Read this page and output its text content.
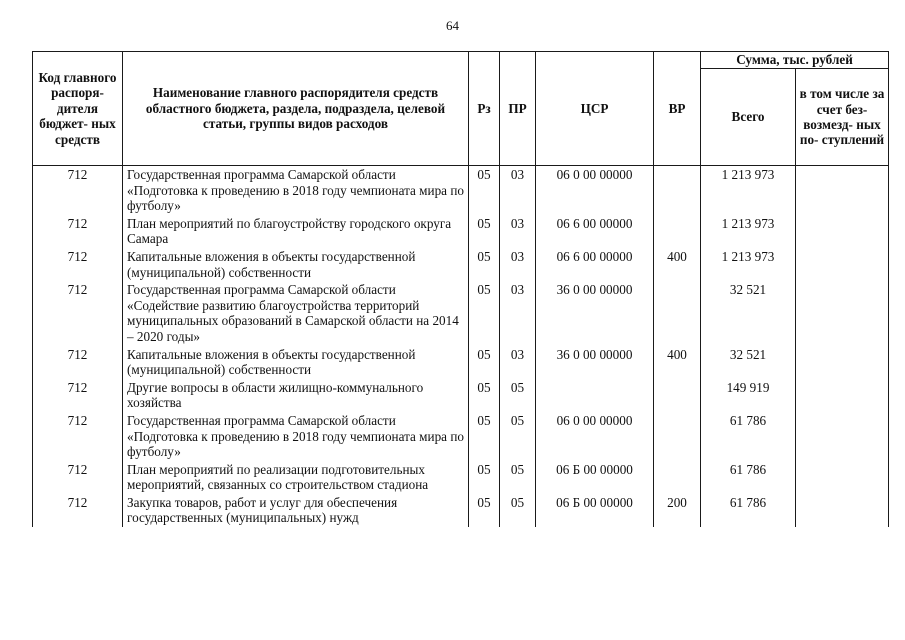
64
Код главного распоря- дителя бюджет- ных средств	Наименование главного распорядителя средств областного бюджета, раздела, подраздела, целевой статьи, группы видов расходов	Рз	ПР	ЦСР	ВР	Сумма, тыс. рублей	
						Всего	в том числе за счет без- возмезд- ных по- ступлений
712	Государственная программа Самарской области «Подготовка к проведению в 2018 году чемпионата мира по футболу»	05	03	06 0 00 00000		1 213 973	
712	План мероприятий по благоустройству городского округа Самара	05	03	06 6 00 00000		1 213 973	
712	Капитальные вложения в объекты государственной (муниципальной) собственности	05	03	06 6 00 00000	400	1 213 973	
712	Государственная программа Самарской области «Содействие развитию благоустройства территорий муниципальных образований в Самарской области на 2014 – 2020 годы»	05	03	36 0 00 00000		32 521	
712	Капитальные вложения в объекты государственной (муниципальной) собственности	05	03	36 0 00 00000	400	32 521	
712	Другие вопросы в области жилищно-коммунального хозяйства	05	05			149 919	
712	Государственная программа Самарской области «Подготовка к проведению в 2018 году чемпионата мира по футболу»	05	05	06 0 00 00000		61 786	
712	План мероприятий по реализации подготовительных мероприятий, связанных со строительством стадиона	05	05	06 Б 00 00000		61 786	
712	Закупка товаров, работ и услуг для обеспечения государственных (муниципальных) нужд	05	05	06 Б 00 00000	200	61 786	
